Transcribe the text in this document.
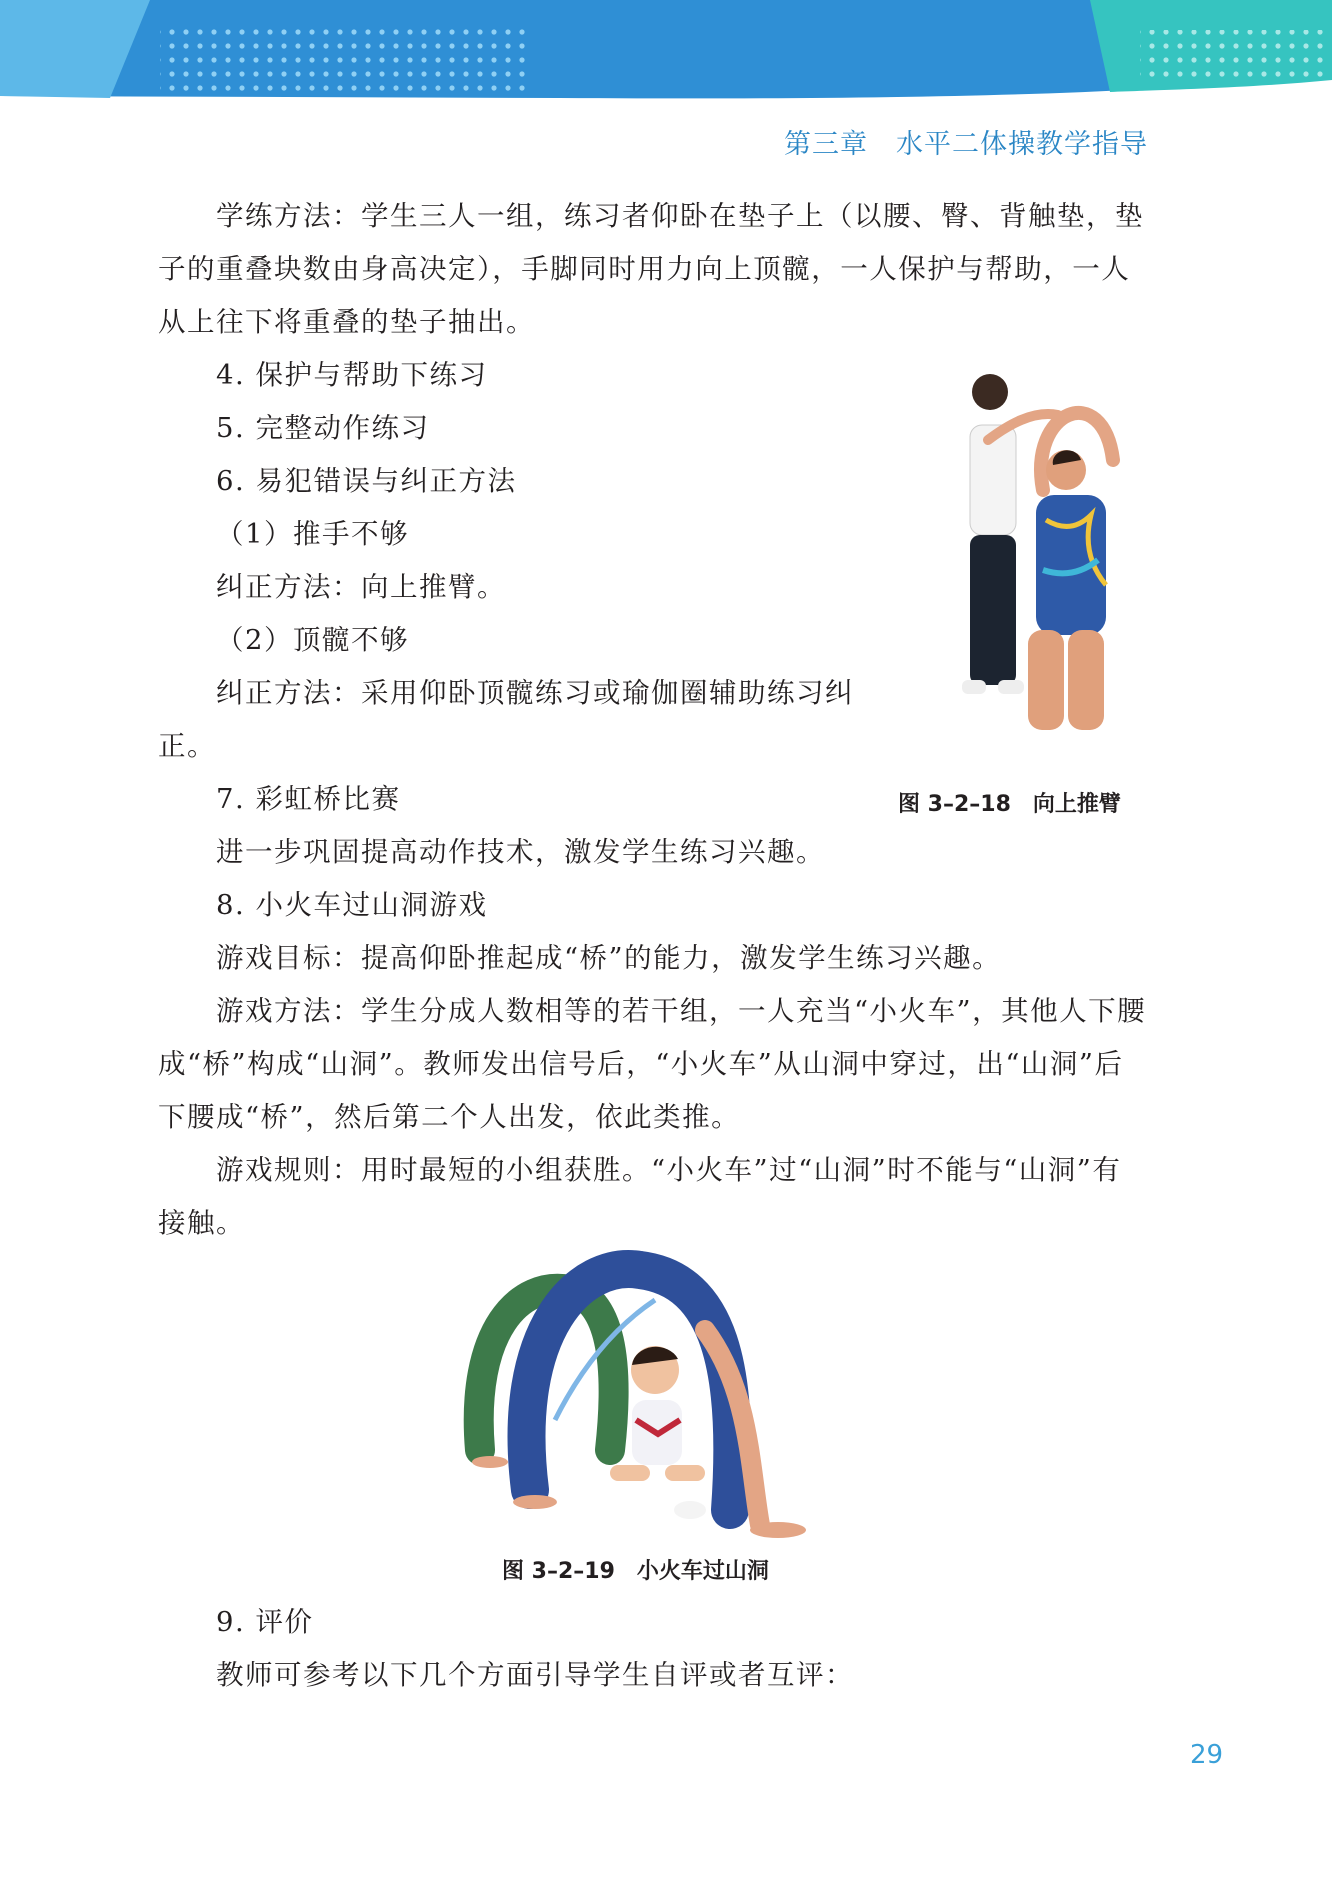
第三章　水平二体操教学指导

学练方法：学生三人一组，练习者仰卧在垫子上（以腰、臀、背触垫，垫子的重叠块数由身高决定），手脚同时用力向上顶髋，一人保护与帮助，一人从上往下将重叠的垫子抽出。

4. 保护与帮助下练习

5. 完整动作练习

6. 易犯错误与纠正方法

（1）推手不够

纠正方法：向上推臂。

（2）顶髋不够

纠正方法：采用仰卧顶髋练习或瑜伽圈辅助练习纠正。

7. 彩虹桥比赛

进一步巩固提高动作技术，激发学生练习兴趣。

8. 小火车过山洞游戏

游戏目标：提高仰卧推起成“桥”的能力，激发学生练习兴趣。

游戏方法：学生分成人数相等的若干组，一人充当“小火车”，其他人下腰成“桥”构成“山洞”。教师发出信号后，“小火车”从山洞中穿过，出“山洞”后下腰成“桥”，然后第二个人出发，依此类推。

游戏规则：用时最短的小组获胜。“小火车”过“山洞”时不能与“山洞”有接触。

图 3–2–18　向上推臂
图 3–2–19　小火车过山洞

9. 评价

教师可参考以下几个方面引导学生自评或者互评：

29
